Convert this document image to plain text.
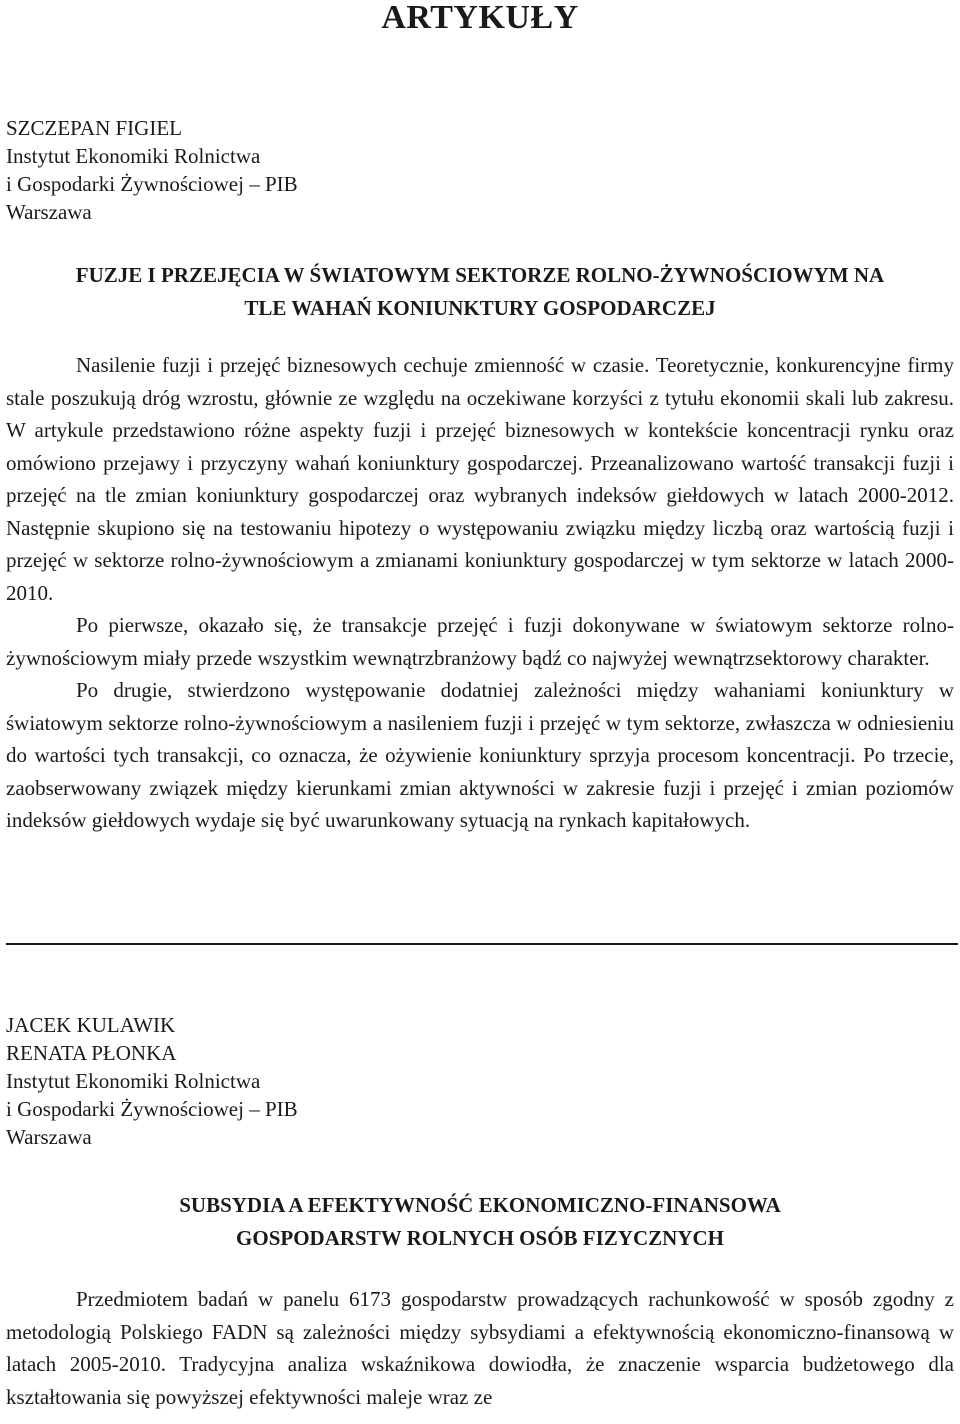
ARTYKUŁY
SZCZEPAN FIGIEL
Instytut Ekonomiki Rolnictwa
i Gospodarki Żywnościowej – PIB
Warszawa
FUZJE I PRZEJĘCIA W ŚWIATOWYM SEKTORZE ROLNO-ŻYWNOŚCIOWYM NA
TLE WAHAŃ KONIUNKTURY GOSPODARCZEJ

Nasilenie fuzji i przejęć biznesowych cechuje zmienność w czasie. Teoretycznie, konkurencyjne firmy stale poszukują dróg wzrostu, głównie ze względu na oczekiwane korzyści z tytułu ekonomii skali lub zakresu. W artykule przedstawiono różne aspekty fuzji i przejęć biznesowych w kontekście koncentracji rynku oraz omówiono przejawy i przyczyny wahań koniunktury gospodarczej. Przeanalizowano wartość transakcji fuzji i przejęć na tle zmian koniunktury gospodarczej oraz wybranych indeksów giełdowych w latach 2000-2012. Następnie skupiono się na testowaniu hipotezy o występowaniu związku między liczbą oraz wartością fuzji i przejęć w sektorze rolno-żywnościowym a zmianami koniunktury gospodarczej w tym sektorze w latach 2000-2010.

Po pierwsze, okazało się, że transakcje przejęć i fuzji dokonywane w światowym sektorze rolno-żywnościowym miały przede wszystkim wewnątrzbranżowy bądź co najwyżej wewnątrzsektorowy charakter.

Po drugie, stwierdzono występowanie dodatniej zależności między wahaniami koniunktury w światowym sektorze rolno-żywnościowym a nasileniem fuzji i przejęć w tym sektorze, zwłaszcza w odniesieniu do wartości tych transakcji, co oznacza, że ożywienie koniunktury sprzyja procesom koncentracji. Po trzecie, zaobserwowany związek między kierunkami zmian aktywności w zakresie fuzji i przejęć i zmian poziomów indeksów giełdowych wydaje się być uwarunkowany sytuacją na rynkach kapitałowych.

JACEK KULAWIK
RENATA PŁONKA
Instytut Ekonomiki Rolnictwa
i Gospodarki Żywnościowej – PIB
Warszawa
SUBSYDIA A EFEKTYWNOŚĆ EKONOMICZNO-FINANSOWA
GOSPODARSTW ROLNYCH OSÓB FIZYCZNYCH

Przedmiotem badań w panelu 6173 gospodarstw prowadzących rachunkowość w sposób zgodny z metodologią Polskiego FADN są zależności między sybsydiami a efektywnością ekonomiczno-finansową w latach 2005-2010. Tradycyjna analiza wskaźnikowa dowiodła, że znaczenie wsparcia budżetowego dla kształtowania się powyższej efektywności maleje wraz ze
